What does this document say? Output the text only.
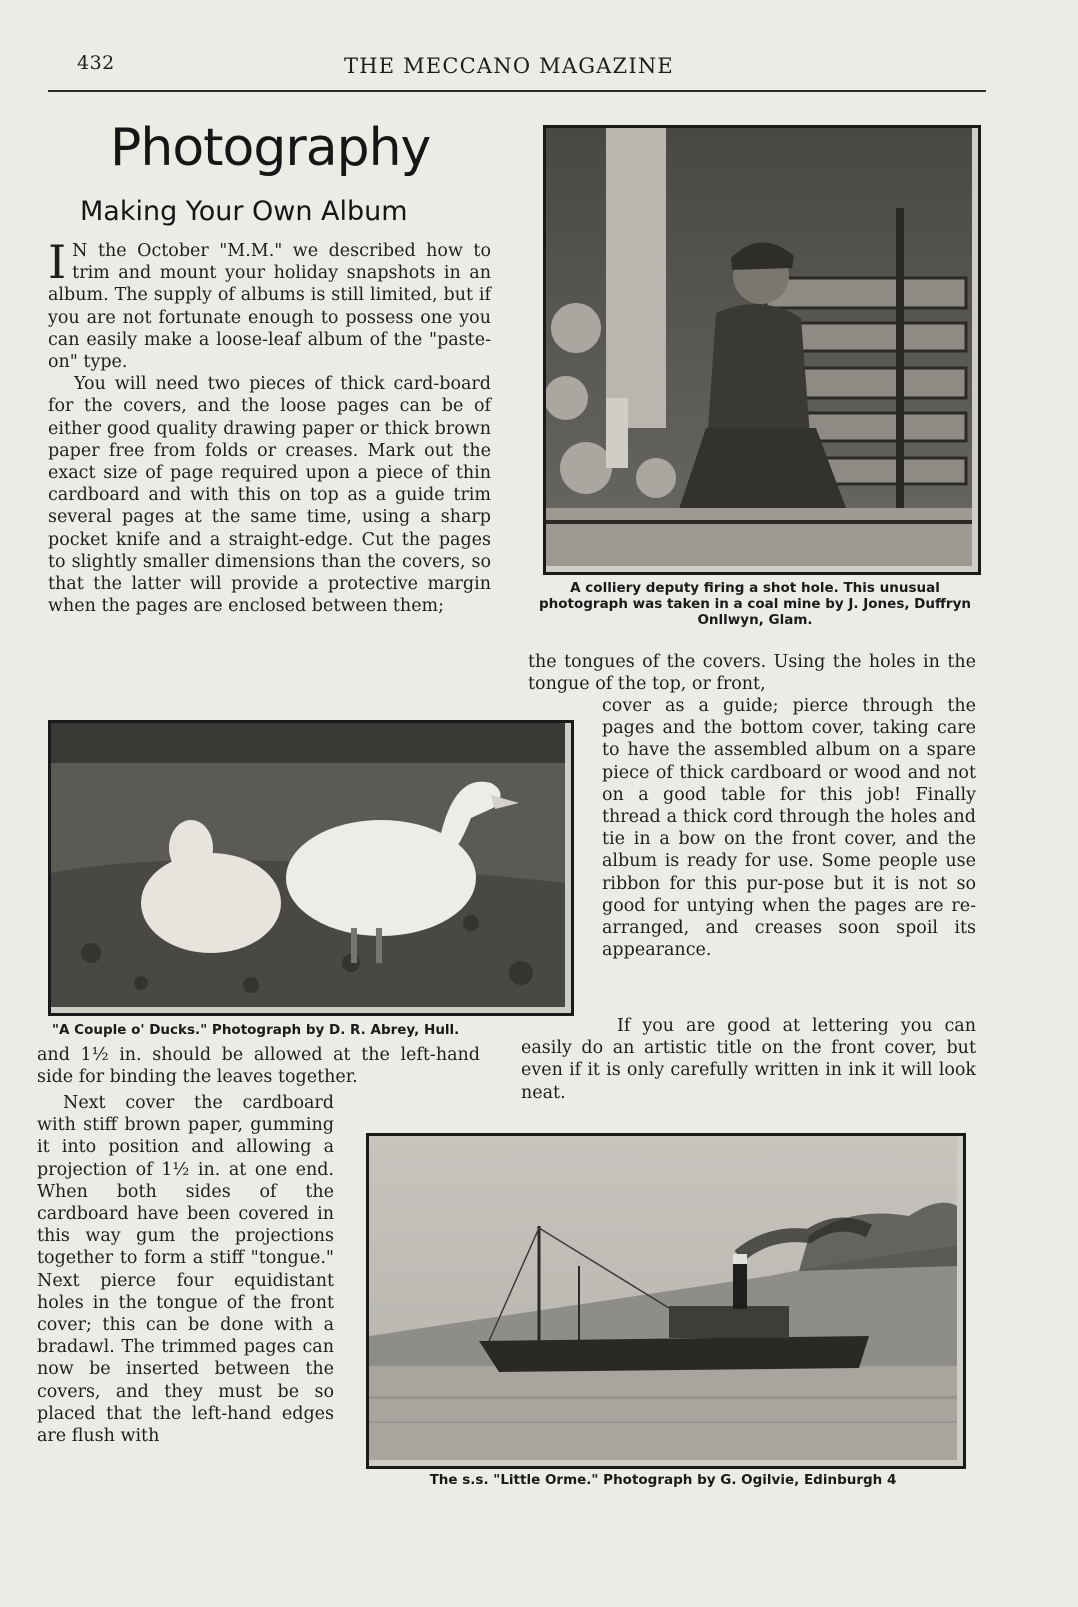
432	THE MECCANO MAGAZINE
Photography
Making Your Own Album

I N the October "M.M." we described how to trim and mount your holiday snapshots in an album. The supply of albums is still limited, but if you are not fortunate enough to possess one you can easily make a loose-leaf album of the "paste-on" type.

You will need two pieces of thick card-board for the covers, and the loose pages can be of either good quality drawing paper or thick brown paper free from folds or creases. Mark out the exact size of page required upon a piece of thin cardboard and with this on top as a guide trim several pages at the same time, using a sharp pocket knife and a straight-edge. Cut the pages to slightly smaller dimensions than the covers, so that the latter will provide a protective margin when the pages are enclosed between them;

A colliery deputy firing a shot hole. This unusual photograph was taken in a coal mine by J. Jones, Duffryn Onllwyn, Glam.
"A Couple o' Ducks." Photograph by D. R. Abrey, Hull.

and 1½ in. should be allowed at the left-hand side for binding the leaves together.

Next cover the cardboard with stiff brown paper, gumming it into position and allowing a projection of 1½ in. at one end. When both sides of the cardboard have been covered in this way gum the projections together to form a stiff "tongue." Next pierce four equidistant holes in the tongue of the front cover; this can be done with a bradawl. The trimmed pages can now be inserted between the covers, and they must be so placed that the left-hand edges are flush with

the tongues of the covers. Using the holes in the tongue of the top, or front,

cover as a guide; pierce through the pages and the bottom cover, taking care to have the assembled album on a spare piece of thick cardboard or wood and not on a good table for this job! Finally thread a thick cord through the holes and tie in a bow on the front cover, and the album is ready for use. Some people use ribbon for this pur-pose but it is not so good for untying when the pages are re-arranged, and creases soon spoil its appearance.

If you are good at lettering you can easily do an artistic title on the front cover, but even if it is only carefully written in ink it will look neat.

The s.s. "Little Orme." Photograph by G. Ogilvie, Edinburgh 4
